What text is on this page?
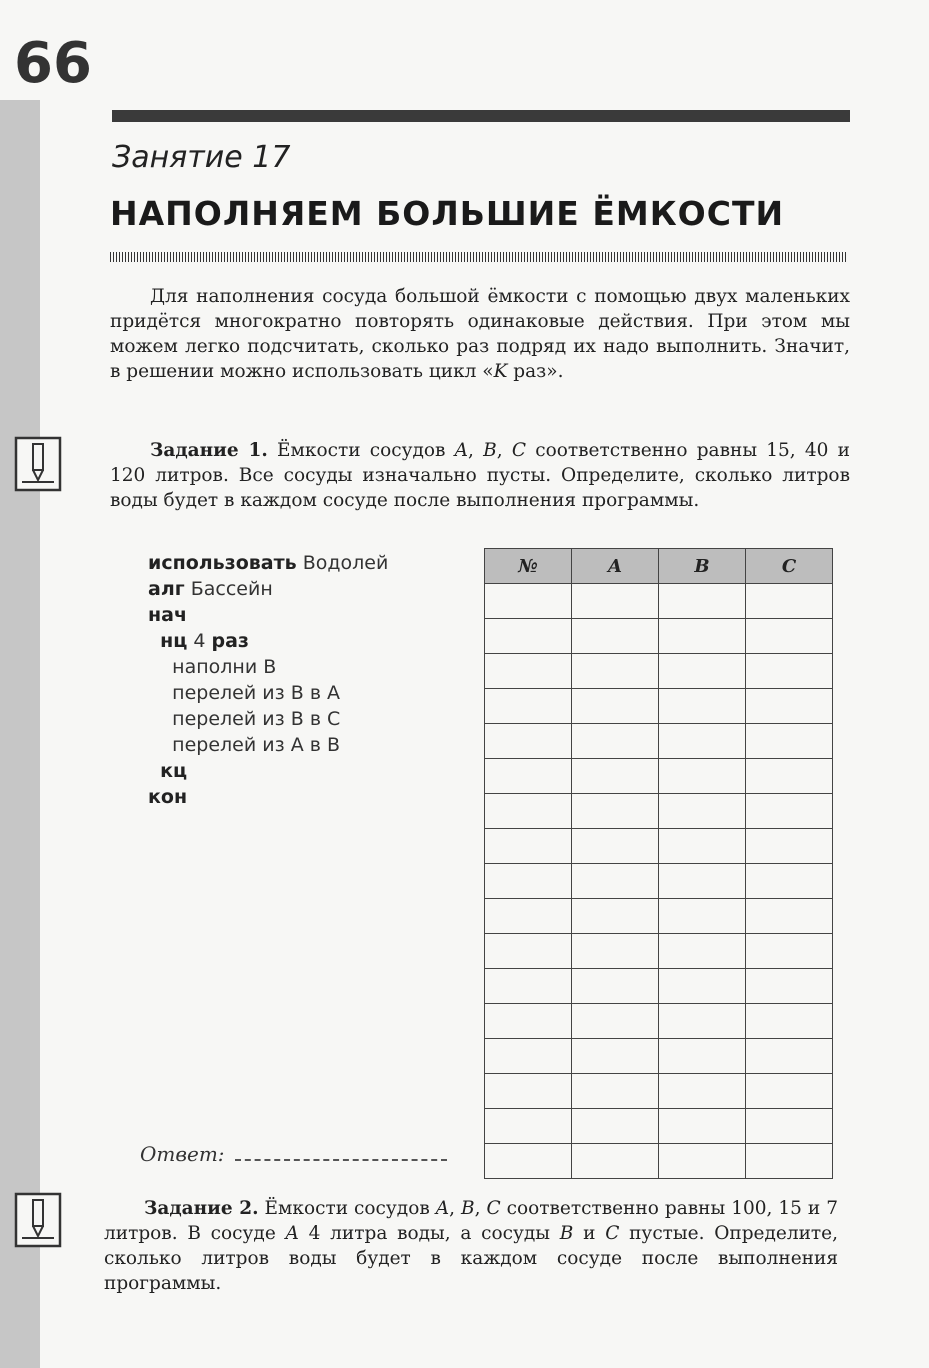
66
Занятие 17
НАПОЛНЯЕМ БОЛЬШИЕ ЁМКОСТИ

Для наполнения сосуда большой ёмкости с помощью двух маленьких придётся многократно повторять одинаковые действия. При этом мы можем легко подсчитать, сколько раз подряд их надо выполнить. Значит, в решении можно использовать цикл «K раз».

Задание 1. Ёмкости сосудов A, B, C соответственно равны 15, 40 и 120 литров. Все сосуды изначально пусты. Определите, сколько литров воды будет в каждом сосуде после выполнения программы.

использовать Водолей
алг Бассейн
нач
нц 4 раз
наполни В
перелей из В в А
перелей из В в С
перелей из А в В
кц
кон
№	A	B	C

Ответ:

Задание 2. Ёмкости сосудов A, B, C соответственно равны 100, 15 и 7 литров. В сосуде A 4 литра воды, а сосуды B и C пустые. Определите, сколько литров воды будет в каждом сосуде после выполнения программы.
